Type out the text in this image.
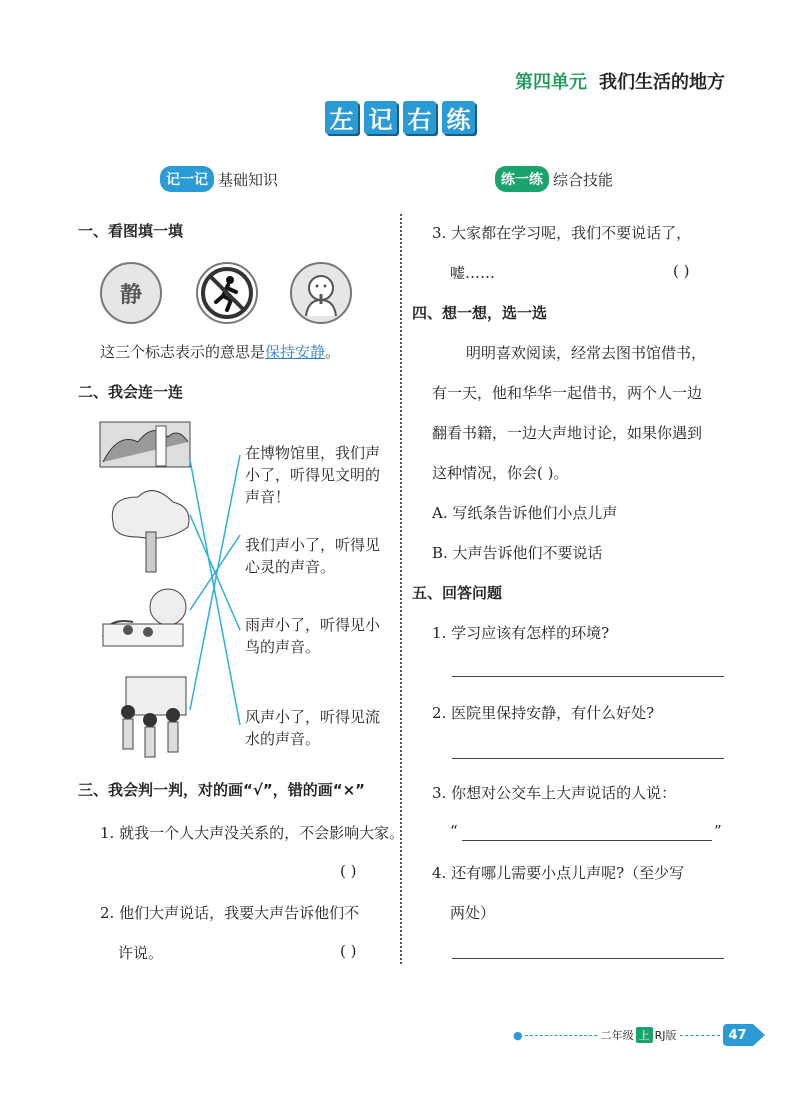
第四单元 我们生活的地方
左 记 右 练
记一记 基础知识	练一练 综合技能
一、看图填一填
静
这三个标志表示的意思是保持安静。
二、我会连一连
在博物馆里，我们声
小了，听得见文明的
声音！
我们声小了，听得见
心灵的声音。
雨声小了，听得见小
鸟的声音。
风声小了，听得见流
水的声音。
三、我会判一判，对的画“√”，错的画“×”
1. 就我一个人大声没关系的，不会影响大家。
( )
2. 他们大声说话，我要大声告诉他们不
许说。	( )
3. 大家都在学习呢，我们不要说话了，
嘘……	( )
四、想一想，选一选
明明喜欢阅读，经常去图书馆借书，
有一天，他和华华一起借书，两个人一边
翻看书籍，一边大声地讨论，如果你遇到
这种情况，你会( )。
A. 写纸条告诉他们小点儿声
B. 大声告诉他们不要说话
五、回答问题
1. 学习应该有怎样的环境?
2. 医院里保持安静，有什么好处?
3. 你想对公交车上大声说话的人说：
“	”
4. 还有哪儿需要小点儿声呢?（至少写
两处）
●	二年级 上 RJ版	47
